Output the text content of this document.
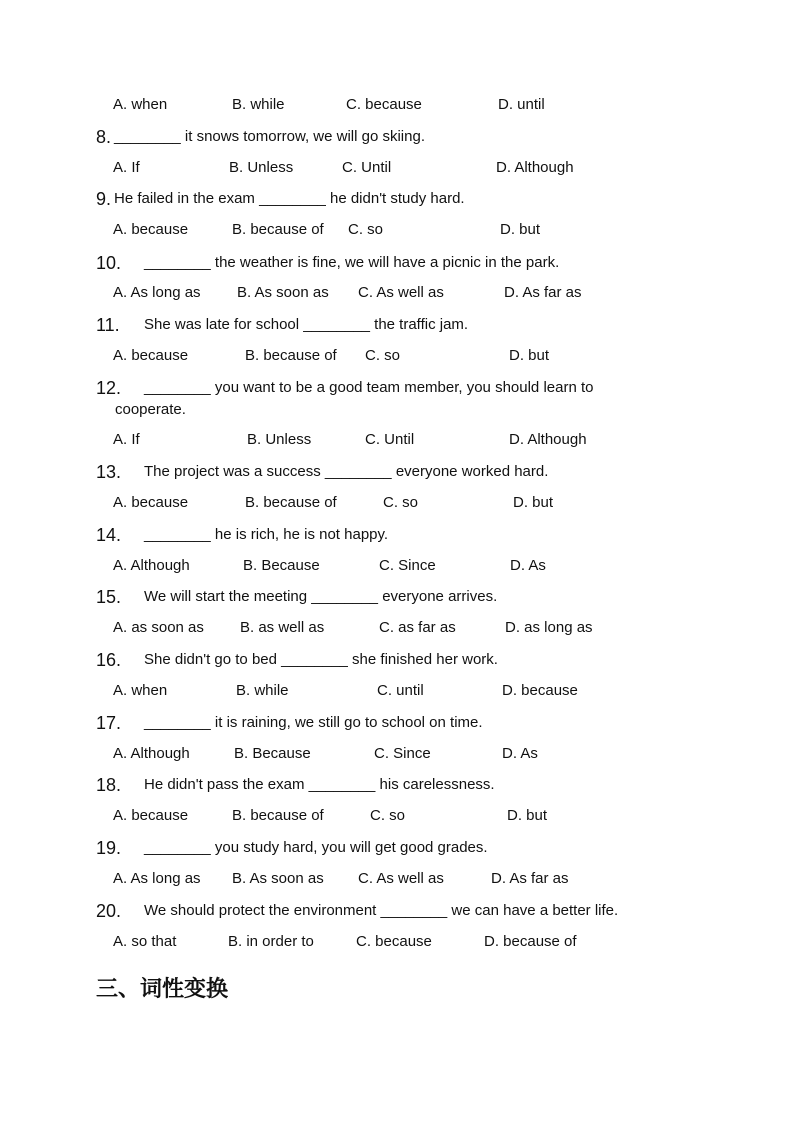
A. when	B. while	C. because	D. until
8. ________ it snows tomorrow, we will go skiing.
A. If	B. Unless	C. Until	D. Although
9. He failed in the exam ________ he didn't study hard.
A. because	B. because of C. so	D. but
10. ________ the weather is fine, we will have a picnic in the park.
A. As long as B. As soon as C. As well as	D. As far as
11. She was late for school ________ the traffic jam.
A. because	B. because of C. so	D. but
12. ________ you want to be a good team member, you should learn to
cooperate.
A. If	B. Unless	C. Until	D. Although
13. The project was a success ________ everyone worked hard.
A. because	B. because of	C. so	D. but
14. ________ he is rich, he is not happy.
A. Although	B. Because	C. Since	D. As
15. We will start the meeting ________ everyone arrives.
A. as soon as B. as well as	C. as far as	D. as long as
16. She didn't go to bed ________ she finished her work.
A. when	B. while	C. until	D. because
17. ________ it is raining, we still go to school on time.
A. Although	B. Because	C. Since	D. As
18. He didn't pass the exam ________ his carelessness.
A. because	B. because of	C. so	D. but
19. ________ you study hard, you will get good grades.
A. As long as B. As soon as C. As well as	D. As far as
20. We should protect the environment ________ we can have a better life.
A. so that	B. in order to	C. because	D. because of
三、词性变换
